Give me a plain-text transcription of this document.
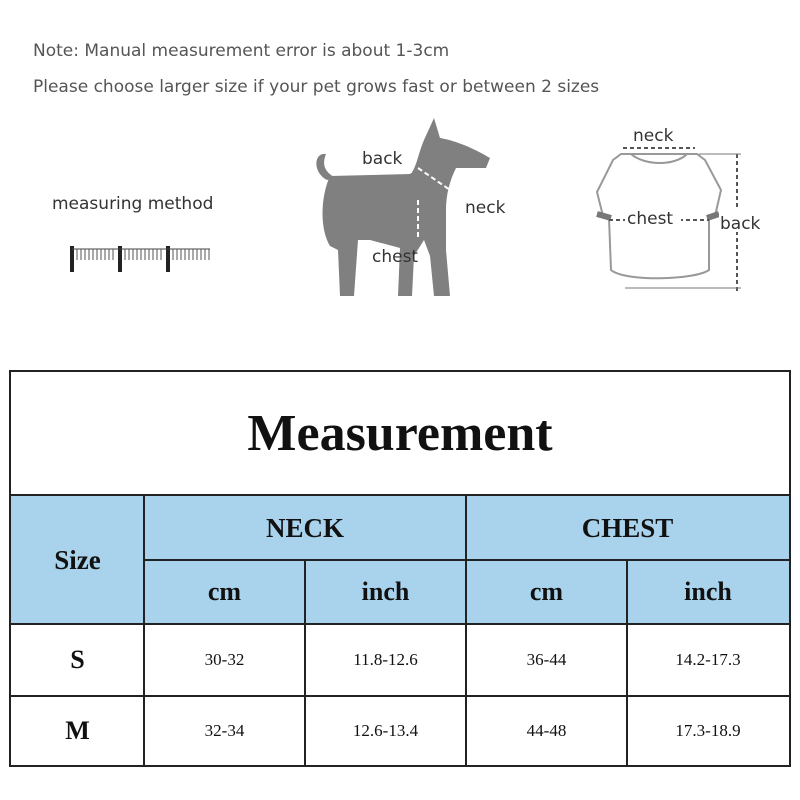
Note: Manual measurement error is about 1-3cm
Please choose larger size if your pet grows fast or between 2 sizes
measuring method
back
neck
chest
neck
chest	back
Measurement
Size
NECK	CHEST
cm	inch	cm	inch
S	30-32	11.8-12.6	36-44	14.2-17.3
M	32-34	12.6-13.4	44-48	17.3-18.9
